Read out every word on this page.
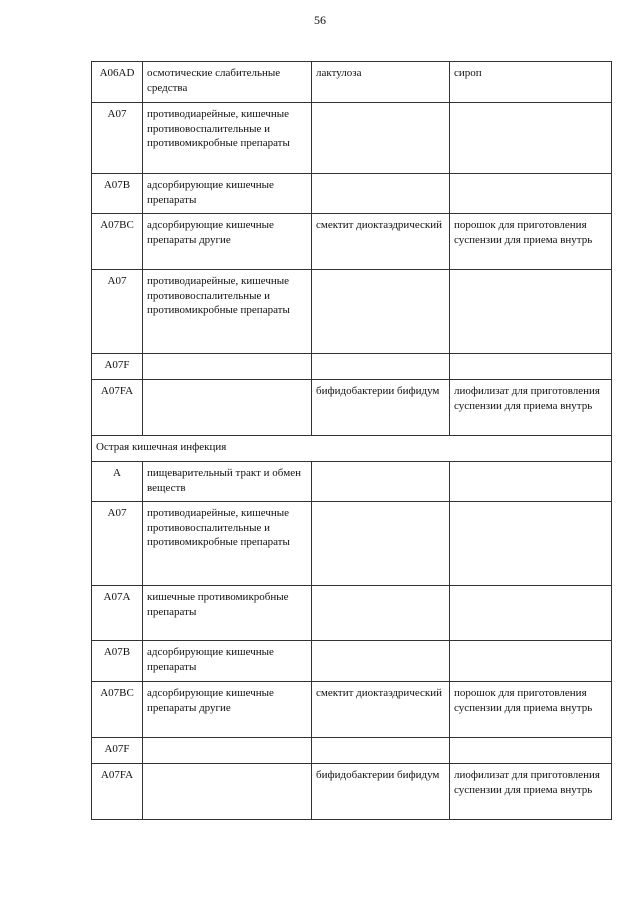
56
A06AD	осмотические слабительные средства	лактулоза	сироп
A07	противодиарейные, кишечные противовоспалительные и противомикробные препараты		
A07B	адсорбирующие кишечные препараты		
A07BC	адсорбирующие кишечные препараты другие	смектит диоктаэдрический	порошок для приготовления суспензии для приема внутрь
A07	противодиарейные, кишечные противовоспалительные и противомикробные препараты		
A07F			
A07FA		бифидобактерии бифидум	лиофилизат для приготовления суспензии для приема внутрь
Острая кишечная инфекция			
A	пищеварительный тракт и обмен веществ		
A07	противодиарейные, кишечные противовоспалительные и противомикробные препараты		
A07A	кишечные противомикробные препараты		
A07B	адсорбирующие кишечные препараты		
A07BC	адсорбирующие кишечные препараты другие	смектит диоктаэдрический	порошок для приготовления суспензии для приема внутрь
A07F			
A07FA		бифидобактерии бифидум	лиофилизат для приготовления суспензии для приема внутрь
